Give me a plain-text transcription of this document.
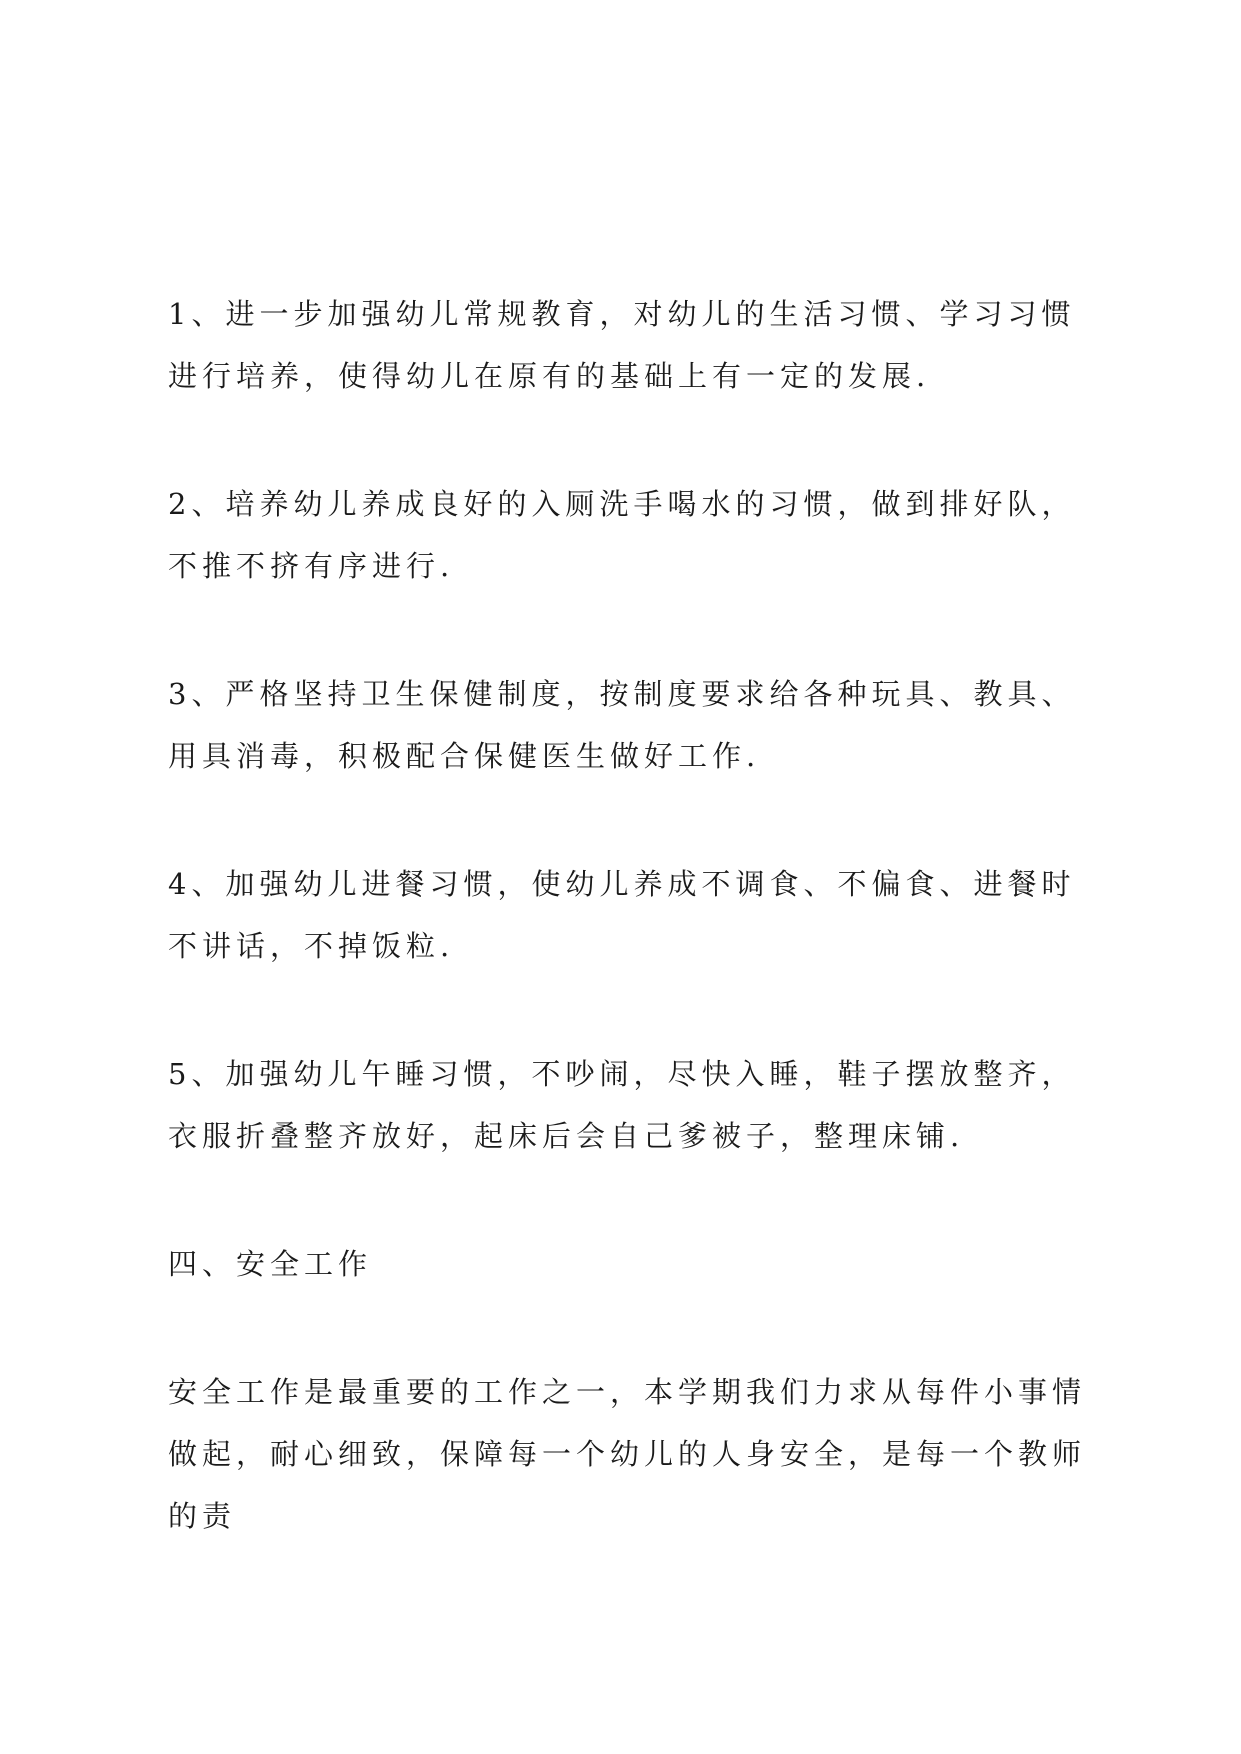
1、进一步加强幼儿常规教育，对幼儿的生活习惯、学习习惯进行培养，使得幼儿在原有的基础上有一定的发展.

2、培养幼儿养成良好的入厕洗手喝水的习惯，做到排好队，不推不挤有序进行.

3、严格坚持卫生保健制度，按制度要求给各种玩具、教具、用具消毒，积极配合保健医生做好工作.

4、加强幼儿进餐习惯，使幼儿养成不调食、不偏食、进餐时不讲话，不掉饭粒.

5、加强幼儿午睡习惯，不吵闹，尽快入睡，鞋子摆放整齐，衣服折叠整齐放好，起床后会自己爹被子，整理床铺.

四、安全工作

安全工作是最重要的工作之一，本学期我们力求从每件小事情做起，耐心细致，保障每一个幼儿的人身安全，是每一个教师的责
